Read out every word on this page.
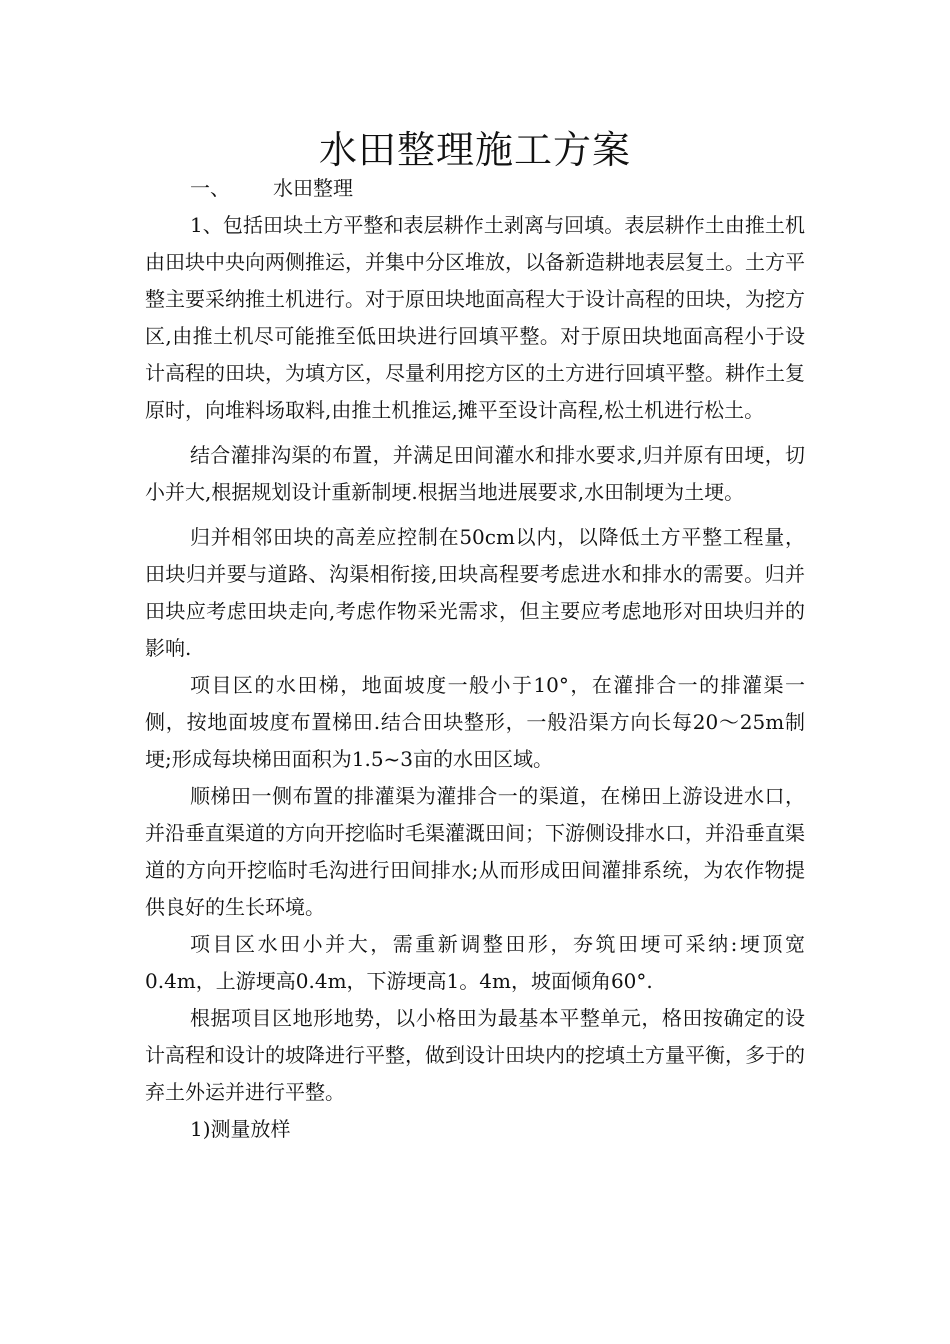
水田整理施工方案

一、 水田整理

1、包括田块土方平整和表层耕作土剥离与回填。表层耕作土由推土机由田块中央向两侧推运，并集中分区堆放，以备新造耕地表层复土。土方平整主要采纳推土机进行。对于原田块地面高程大于设计高程的田块，为挖方区,由推土机尽可能推至低田块进行回填平整。对于原田块地面高程小于设计高程的田块，为填方区，尽量利用挖方区的土方进行回填平整。耕作土复原时，向堆料场取料,由推土机推运,摊平至设计高程,松土机进行松土。

结合灌排沟渠的布置，并满足田间灌水和排水要求,归并原有田埂，切小并大,根据规划设计重新制埂.根据当地进展要求,水田制埂为土埂。

归并相邻田块的高差应控制在50cm以内，以降低土方平整工程量，田块归并要与道路、沟渠相衔接,田块高程要考虑进水和排水的需要。归并田块应考虑田块走向,考虑作物采光需求，但主要应考虑地形对田块归并的影响.

项目区的水田梯，地面坡度一般小于10°，在灌排合一的排灌渠一侧，按地面坡度布置梯田.结合田块整形，一般沿渠方向长每20～25m制埂;形成每块梯田面积为1.5~3亩的水田区域。

顺梯田一侧布置的排灌渠为灌排合一的渠道，在梯田上游设进水口，并沿垂直渠道的方向开挖临时毛渠灌溉田间；下游侧设排水口，并沿垂直渠道的方向开挖临时毛沟进行田间排水;从而形成田间灌排系统，为农作物提供良好的生长环境。

项目区水田小并大，需重新调整田形，夯筑田埂可采纳:埂顶宽0.4m，上游埂高0.4m，下游埂高1。4m，坡面倾角60°.

根据项目区地形地势，以小格田为最基本平整单元，格田按确定的设计高程和设计的坡降进行平整，做到设计田块内的挖填土方量平衡，多于的弃土外运并进行平整。

1)测量放样
